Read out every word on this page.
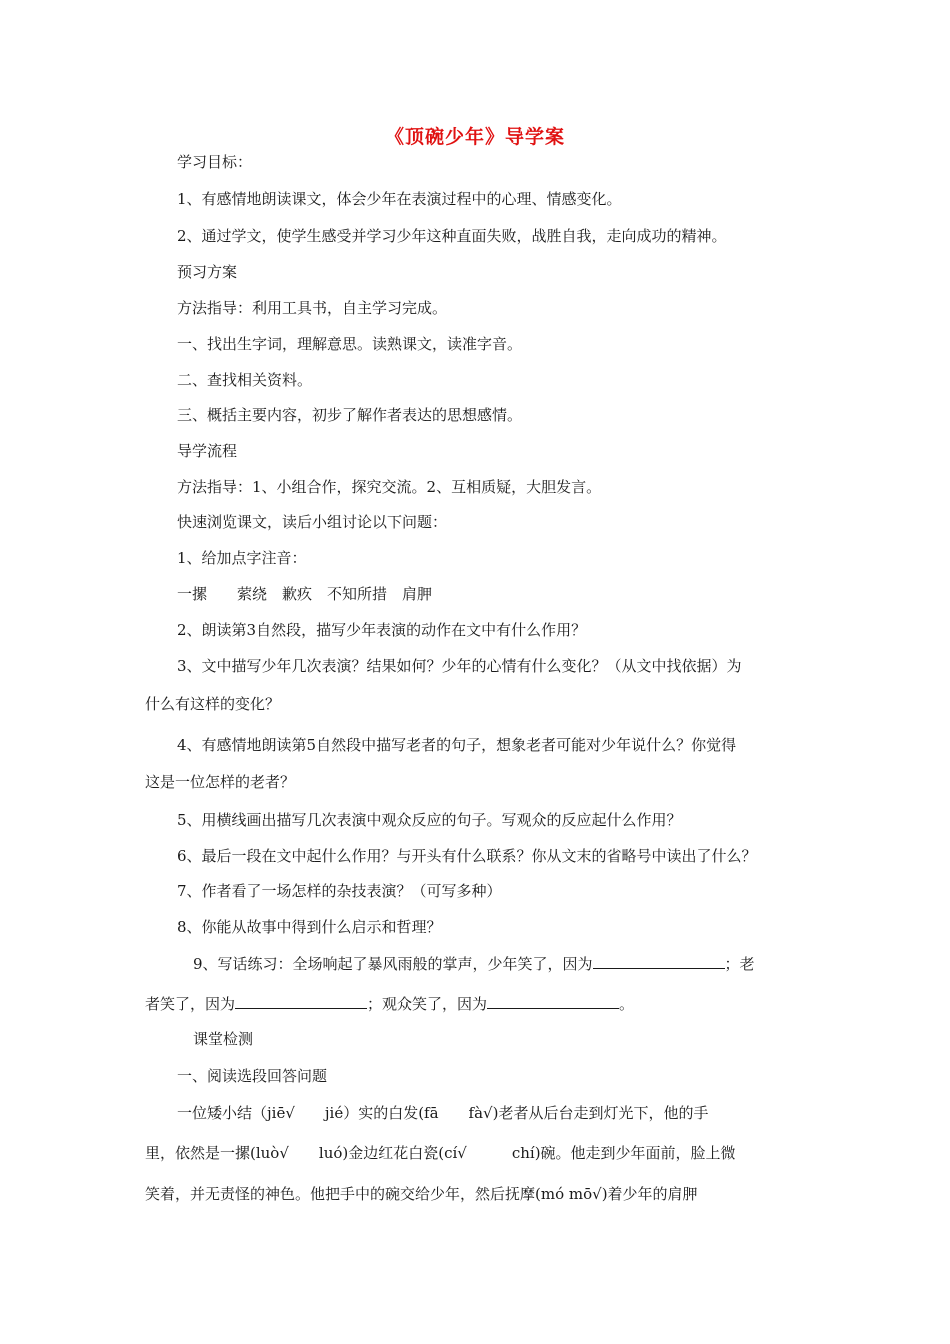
《顶碗少年》导学案
学习目标：
1、有感情地朗读课文，体会少年在表演过程中的心理、情感变化。
2、通过学文，使学生感受并学习少年这种直面失败，战胜自我，走向成功的精神。
预习方案
方法指导：利用工具书，自主学习完成。
一、找出生字词，理解意思。读熟课文，读准字音。
二、查找相关资料。
三、概括主要内容，初步了解作者表达的思想感情。
导学流程
方法指导：1、小组合作，探究交流。2、互相质疑，大胆发言。
快速浏览课文，读后小组讨论以下问题：
1、给加点字注音：
一摞　　萦绕　歉疚　不知所措　肩胛
2、朗读第3自然段，描写少年表演的动作在文中有什么作用？
3、文中描写少年几次表演？结果如何？少年的心情有什么变化？（从文中找依据）为
什么有这样的变化？
4、有感情地朗读第5自然段中描写老者的句子，想象老者可能对少年说什么？你觉得
这是一位怎样的老者？
5、用横线画出描写几次表演中观众反应的句子。写观众的反应起什么作用？
6、最后一段在文中起什么作用？与开头有什么联系？你从文末的省略号中读出了什么？
7、作者看了一场怎样的杂技表演？（可写多种）
8、你能从故事中得到什么启示和哲理？
9、写话练习：全场响起了暴风雨般的掌声，少年笑了，因为	；老
者笑了，因为	；观众笑了，因为	。
课堂检测
一、阅读选段回答问题
一位矮小结（jiē√　　jié）实的白发(fā　　fà√)老者从后台走到灯光下，他的手
里，依然是一摞(luò√　　luó)金边红花白瓷(cí√　　　chí)碗。他走到少年面前，脸上微
笑着，并无责怪的神色。他把手中的碗交给少年，然后抚摩(mó mō√)着少年的肩胛
